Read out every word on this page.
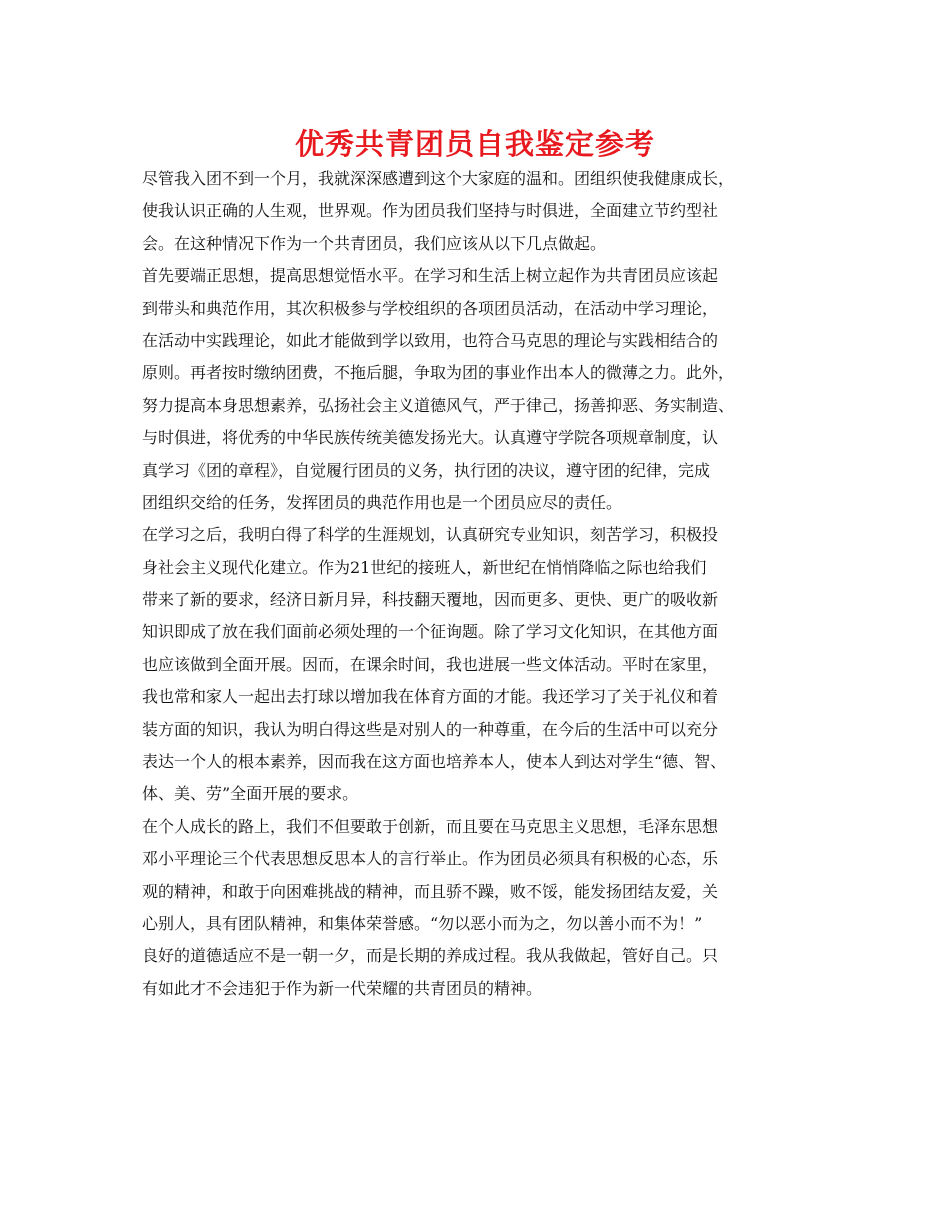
优秀共青团员自我鉴定参考
尽管我入团不到一个月，我就深深感遭到这个大家庭的温和。团组织使我健康成长，
使我认识正确的人生观，世界观。作为团员我们坚持与时俱进，全面建立节约型社
会。在这种情况下作为一个共青团员，我们应该从以下几点做起。
首先要端正思想，提高思想觉悟水平。在学习和生活上树立起作为共青团员应该起
到带头和典范作用，其次积极参与学校组织的各项团员活动，在活动中学习理论，
在活动中实践理论，如此才能做到学以致用，也符合马克思的理论与实践相结合的
原则。再者按时缴纳团费，不拖后腿，争取为团的事业作出本人的微薄之力。此外，
努力提高本身思想素养，弘扬社会主义道德风气，严于律己，扬善抑恶、务实制造、
与时俱进，将优秀的中华民族传统美德发扬光大。认真遵守学院各项规章制度，认
真学习《团的章程》，自觉履行团员的义务，执行团的决议，遵守团的纪律，完成
团组织交给的任务，发挥团员的典范作用也是一个团员应尽的责任。
在学习之后，我明白得了科学的生涯规划，认真研究专业知识，刻苦学习，积极投
身社会主义现代化建立。作为21世纪的接班人，新世纪在悄悄降临之际也给我们
带来了新的要求，经济日新月异，科技翻天覆地，因而更多、更快、更广的吸收新
知识即成了放在我们面前必须处理的一个征询题。除了学习文化知识，在其他方面
也应该做到全面开展。因而，在课余时间，我也进展一些文体活动。平时在家里，
我也常和家人一起出去打球以增加我在体育方面的才能。我还学习了关于礼仪和着
装方面的知识，我认为明白得这些是对别人的一种尊重，在今后的生活中可以充分
表达一个人的根本素养，因而我在这方面也培养本人，使本人到达对学生“德、智、
体、美、劳”全面开展的要求。
在个人成长的路上，我们不但要敢于创新，而且要在马克思主义思想，毛泽东思想
邓小平理论三个代表思想反思本人的言行举止。作为团员必须具有积极的心态，乐
观的精神，和敢于向困难挑战的精神，而且骄不躁，败不馁，能发扬团结友爱，关
心别人，具有团队精神，和集体荣誉感。“勿以恶小而为之，勿以善小而不为！”
良好的道德适应不是一朝一夕，而是长期的养成过程。我从我做起，管好自己。只
有如此才不会违犯于作为新一代荣耀的共青团员的精神。
